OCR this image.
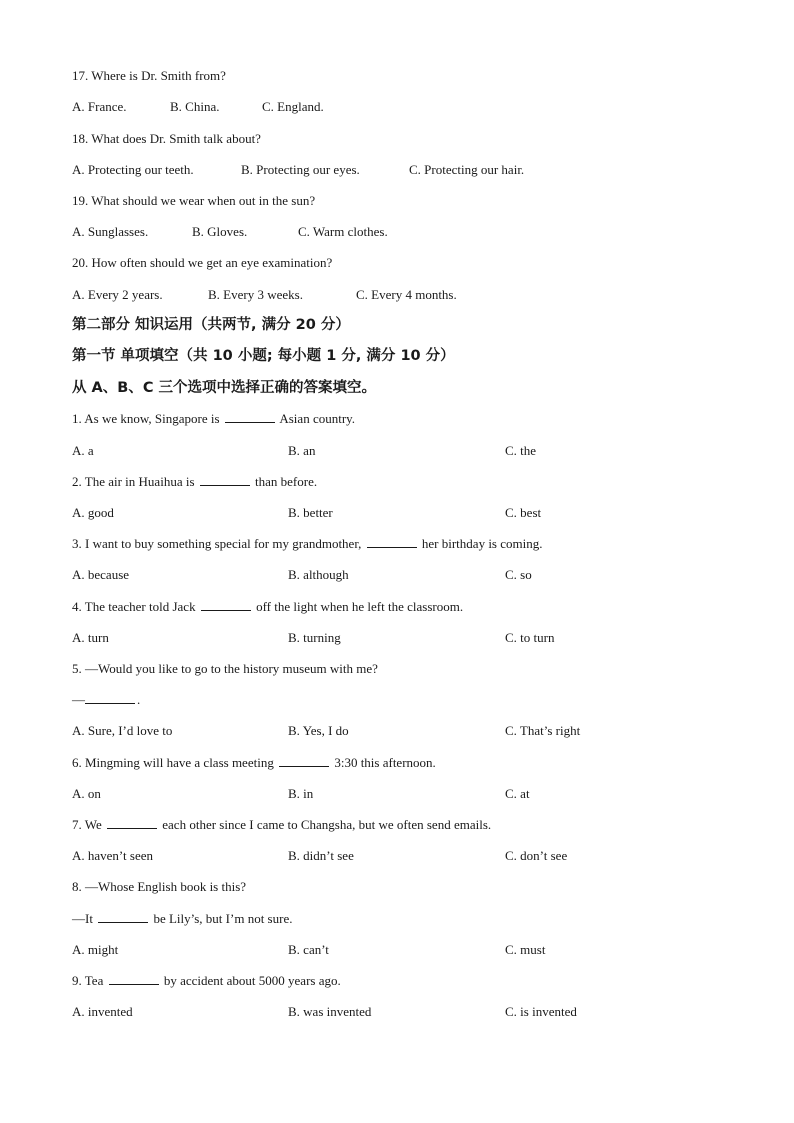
17. Where is Dr. Smith from?
A. France.	B. China.	C. England.
18. What does Dr. Smith talk about?
A. Protecting our teeth.	B. Protecting our eyes.	C. Protecting our hair.
19. What should we wear when out in the sun?
A. Sunglasses.	B. Gloves.	C. Warm clothes.
20. How often should we get an eye examination?
A. Every 2 years.	B. Every 3 weeks.	C. Every 4 months.
第二部分 知识运用（共两节, 满分 20 分）
第一节 单项填空（共 10 小题; 每小题 1 分, 满分 10 分）
从 A、B、C 三个选项中选择正确的答案填空。
1. As we know, Singapore is	Asian country.
A. a	B. an	C. the
2. The air in Huaihua is	than before.
A. good	B. better	C. best
3. I want to buy something special for my grandmother,	her birthday is coming.
A. because	B. although	C. so
4. The teacher told Jack	off the light when he left the classroom.
A. turn	B. turning	C. to turn
5. —Would you like to go to the history museum with me?
—	.
A. Sure, I’d love to	B. Yes, I do	C. That’s right
6. Mingming will have a class meeting	3:30 this afternoon.
A. on	B. in	C. at
7. We	each other since I came to Changsha, but we often send emails.
A. haven’t seen	B. didn’t see	C. don’t see
8. —Whose English book is this?
—It	be Lily’s, but I’m not sure.
A. might	B. can’t	C. must
9. Tea	by accident about 5000 years ago.
A. invented	B. was invented	C. is invented
